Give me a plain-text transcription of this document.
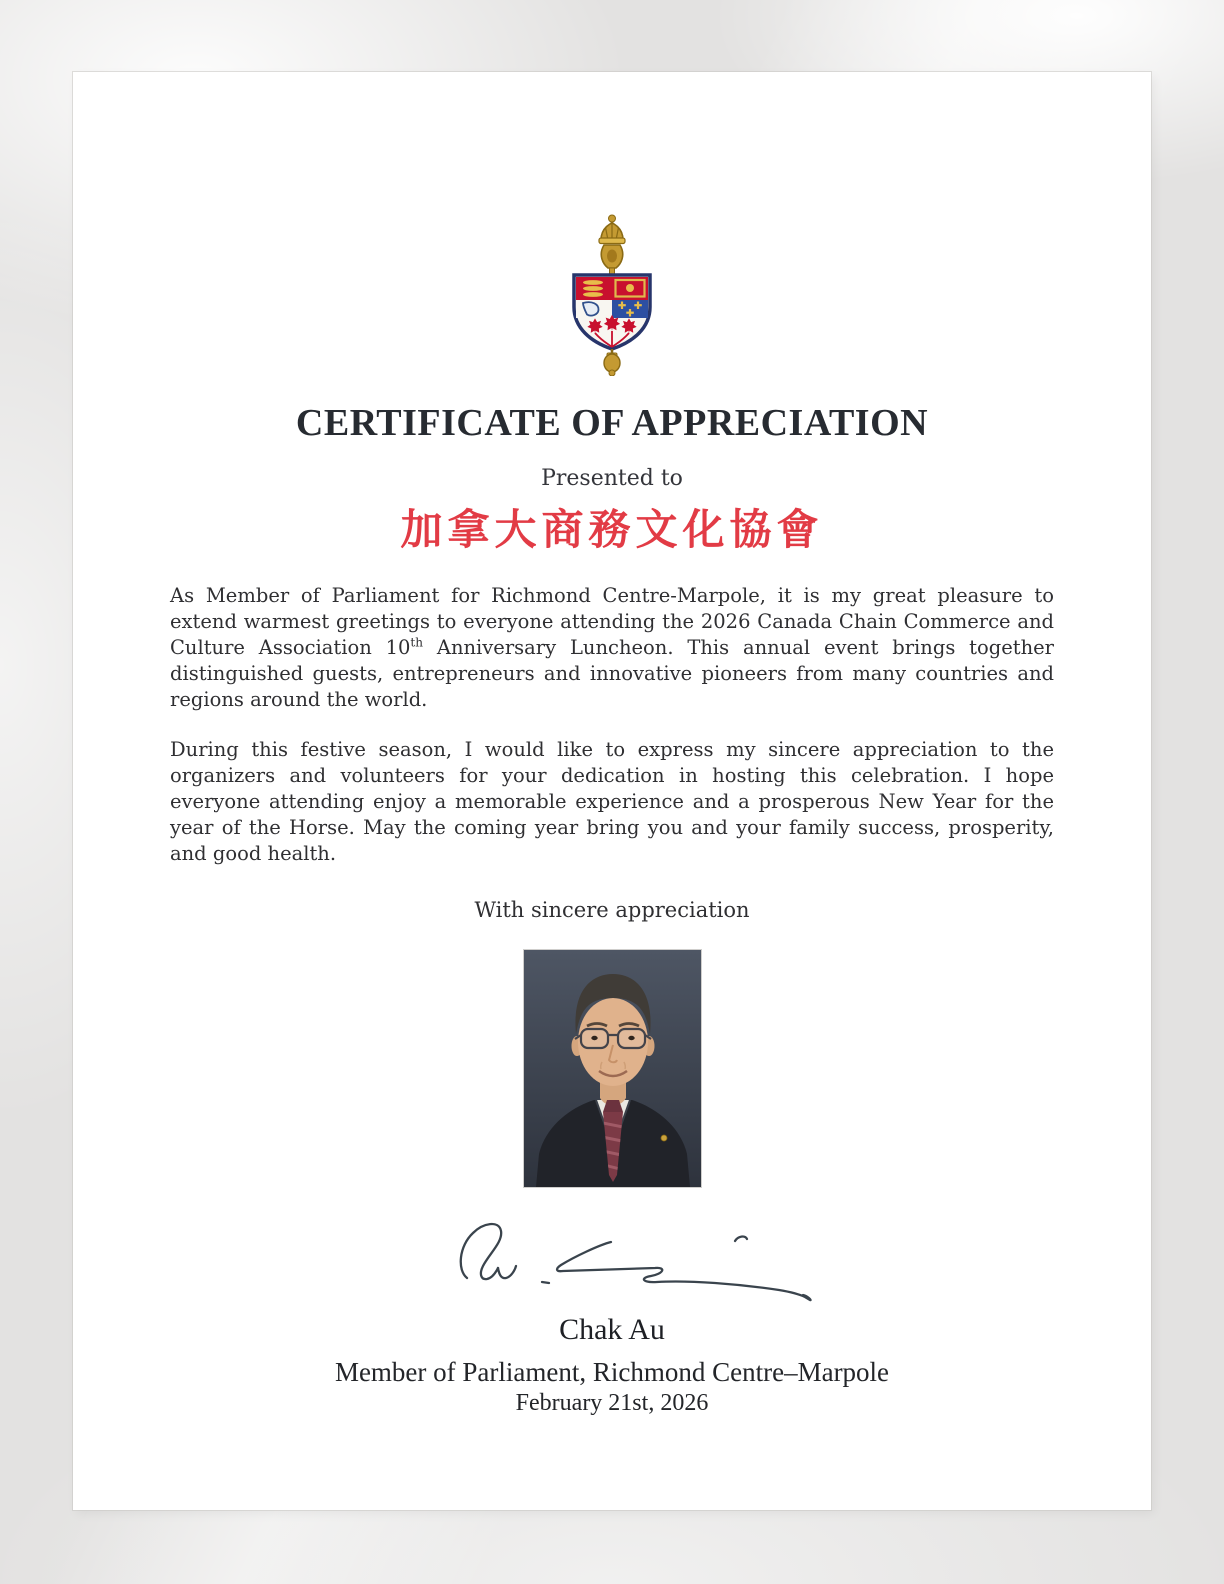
CERTIFICATE OF APPRECIATION
Presented to
加拿大商務文化協會

As Member of Parliament for Richmond Centre-Marpole, it is my great pleasure to extend warmest greetings to everyone attending the 2026 Canada Chain Commerce and Culture Association 10th Anniversary Luncheon. This annual event brings together distinguished guests, entrepreneurs and innovative pioneers from many countries and regions around the world.

During this festive season, I would like to express my sincere appreciation to the organizers and volunteers for your dedication in hosting this celebration. I hope everyone attending enjoy a memorable experience and a prosperous New Year for the year of the Horse. May the coming year bring you and your family success, prosperity, and good health.

With sincere appreciation
Chak Au
Member of Parliament, Richmond Centre–Marpole
February 21st, 2026
